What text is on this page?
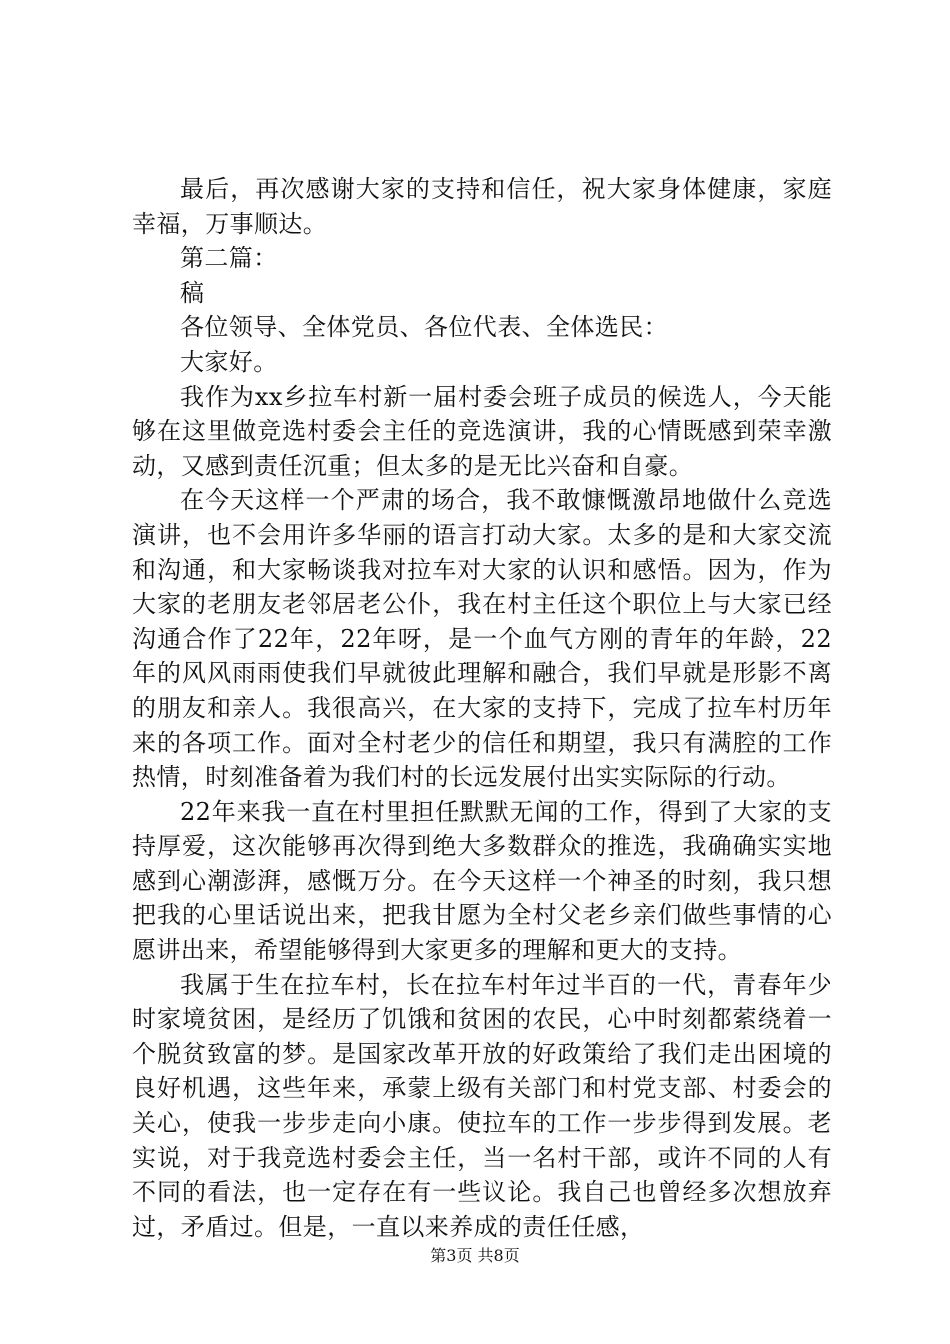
最后，再次感谢大家的支持和信任，祝大家身体健康，家庭幸福，万事顺达。

第二篇：

稿

各位领导、全体党员、各位代表、全体选民：

大家好。

我作为xx乡拉车村新一届村委会班子成员的候选人，今天能够在这里做竞选村委会主任的竞选演讲，我的心情既感到荣幸激动，又感到责任沉重；但太多的是无比兴奋和自豪。

在今天这样一个严肃的场合，我不敢慷慨激昂地做什么竞选演讲，也不会用许多华丽的语言打动大家。太多的是和大家交流和沟通，和大家畅谈我对拉车对大家的认识和感悟。因为，作为大家的老朋友老邻居老公仆，我在村主任这个职位上与大家已经沟通合作了22年，22年呀，是一个血气方刚的青年的年龄，22年的风风雨雨使我们早就彼此理解和融合，我们早就是形影不离的朋友和亲人。我很高兴，在大家的支持下，完成了拉车村历年来的各项工作。面对全村老少的信任和期望，我只有满腔的工作热情，时刻准备着为我们村的长远发展付出实实际际的行动。

22年来我一直在村里担任默默无闻的工作，得到了大家的支持厚爱，这次能够再次得到绝大多数群众的推选，我确确实实地感到心潮澎湃，感慨万分。在今天这样一个神圣的时刻，我只想把我的心里话说出来，把我甘愿为全村父老乡亲们做些事情的心愿讲出来，希望能够得到大家更多的理解和更大的支持。

我属于生在拉车村，长在拉车村年过半百的一代，青春年少时家境贫困，是经历了饥饿和贫困的农民，心中时刻都萦绕着一个脱贫致富的梦。是国家改革开放的好政策给了我们走出困境的良好机遇，这些年来，承蒙上级有关部门和村党支部、村委会的关心，使我一步步走向小康。使拉车的工作一步步得到发展。老实说，对于我竞选村委会主任，当一名村干部，或许不同的人有不同的看法，也一定存在有一些议论。我自己也曾经多次想放弃过，矛盾过。但是，一直以来养成的责任任感，

第3页 共8页
